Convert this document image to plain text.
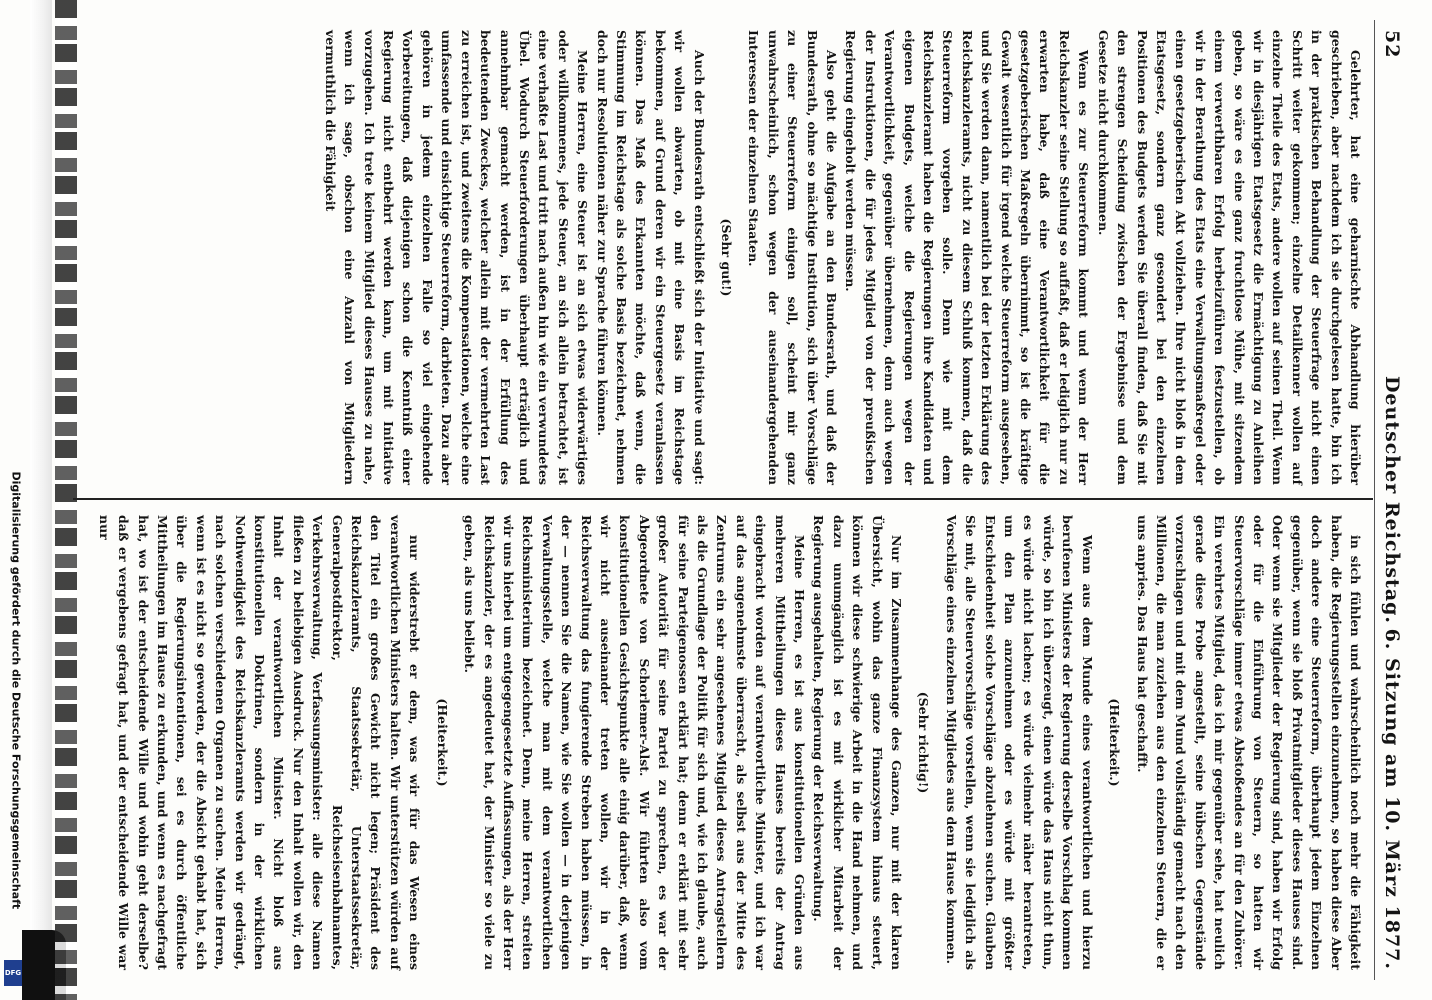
Digitalisierung gefördert durch die Deutsche Forschungsgemeinschaft
DFG
52
Deutscher Reichstag.
6. Sitzung am 10. März 1877.

Gelehrter, hat eine geharnischte Abhandlung hierüber geschrieben, aber nachdem ich sie durchgelesen hatte, bin ich in der praktischen Behandlung der Steuerfrage nicht einen Schritt weiter gekommen; einzelne Detailkenner wollen auf einzelne Theile des Etats, andere wollen auf seinen Theil. Wenn wir in diesjährigen Etatsgesetz die Ermächtigung zu Anleihen geben, so wäre es eine ganz fruchtlose Mühe, mit sitzendem einem verwerthbaren Erfolg herbeizuführen festzustellen, ob wir in der Berathung des Etats eine Verwaltungsmaßregel oder einen gesetzgeberischen Akt vollziehen. Ihre nicht bloß in dem Etatsgesetz, sondern ganz gesondert bei den einzelnen Positionen des Budgets werden Sie überall finden, daß Sie mit den strengen Scheidung zwischen der Ergebnisse und dem Gesetze nicht durchkommen.

Wenn es zur Steuerreform kommt und wenn der Herr Reichskanzler seine Stellung so auffaßt, daß er lediglich nur zu erwarten habe, daß eine Verantwortlichkeit für die gesetzgeberischen Maßregeln übernimmt, so ist die kräftige Gewalt wesentlich für irgend welche Steuerreform ausgesehen, und Sie werden dann, namentlich bei der letzten Erklärung des Reichskanzleramts, nicht zu diesem Schluß kommen, daß die Steuerreform vorgeben solle. Denn wie mit dem Reichskanzleramt haben die Regierungen ihre Kandidaten und eigenen Budgets, welche die Regierungen wegen der Verantwortlichkeit, gegenüber übernehmen, denn auch wegen der Instruktionen, die für jedes Mitglied von der preußischen Regierung eingeholt werden müssen.

Also geht die Aufgabe an den Bundesrath, und daß der Bundesrath, ohne so mächtige Institution, sich über Vorschläge zu einer Steuerreform einigen soll, scheint mir ganz unwahrscheinlich, schon wegen der auseinandergehenden Interessen der einzelnen Staaten.

(Sehr gut!)

Auch der Bundesrath entschließt sich der Initiative und sagt: wir wollen abwarten, ob mit eine Basis im Reichstage bekommen, auf Grund deren wir ein Steuergesetz veranlassen können. Das Maß des Erkannten möchte, daß wenn, die Stimmung im Reichstage als solche Basis bezeichnet, nehmen doch nur Resolutionen näher zur Sprache führen können.

Meine Herren, eine Steuer ist an sich etwas widerwärtiges oder willkommenes, jede Steuer, an sich allein betrachtet, ist eine verhaßte Last und tritt nach außen hin wie ein verwundetes Übel. Wodurch Steuerforderungen überhaupt erträglich und annehmbar gemacht werden, ist in der Erfüllung des bedeutenden Zweckes, welcher allein mit der vermehrten Last zu erreichen ist, und zweitens die Kompensationen, welche eine umfassende und einsichtige Steuerreform, darbieten. Dazu aber gehören in jedem einzelnen Falle so viel eingehende Vorbereitungen, daß diejenigen schon die Kenntniß einer Regierung nicht entbehrt werden kann, um mit Initiative vorzugehen. Ich trete keinem Mitglied dieses Hauses zu nahe, wenn ich sage, obschon eine Anzahl von Mitgliedern vermuthlich die Fähigkeit

in sich fühlen und wahrscheinlich noch mehr die Fähigkeit haben, die Regierungsstellen einzunehmen, so haben diese Aber doch andere eine Steuerreform, überhaupt jedem Einzelnen gegenüber, wenn sie bloß Privatmitglieder dieses Hauses sind. Oder wenn sie Mitglieder der Regierung sind, haben wir Erfolg oder für die Einführung von Steuern, so hatten wir Steuervorschläge immer etwas Abstoßendes an für den Zuhörer. Ein verehrtes Mitglied, das ich mir gegenüber sehe, hat neulich gerade diese Probe angestellt, seine hübschen Gegenstände vorzuschlagen und mit dem Mund vollständig gemacht nach den Millionen, die man zuziehen aus den einzelnen Steuern, die er uns anpries. Das Haus hat geschafft.

(Heiterkeit.)

Wenn aus dem Munde eines verantwortlichen und hierzu berufenen Ministers der Regierung derselbe Vorschlag kommen würde, so bin ich überzeugt, einen würde das Haus nicht thun, es würde nicht lachen; es würde vielmehr näher herantreten, um den Plan anzunehmen oder es würde mit größter Entschiedenheit solche Vorschläge abzulehnen suchen. Glauben Sie mit, alle Steuervorschläge vorstellen, wenn sie lediglich als Vorschläge eines einzelnen Mitgliedes aus dem Hause kommen.

(Sehr richtig!)

Nur im Zusammenhange des Ganzen, nur mit der klaren Übersicht, wohin das ganze Finanzsystem hinaus steuert, können wir diese schwierige Arbeit in die Hand nehmen, und dazu unumgänglich ist es mit wirklicher Mitarbeit der Regierung ausgehalten, Regierung der Reichsverwaltung.

Meine Herren, es ist aus konstitutionellen Gründen aus mehreren Mittheilungen dieses Hauses bereits der Antrag eingebracht worden auf verantwortliche Minister, und ich war auf das angenehmste überrascht, als selbst aus der Mitte des Zentrums ein sehr angesehenes Mitglied dieses Antragstellern als die Grundlage der Politik für sich und, wie ich glaube, auch für seine Parteigenossen erklärt hat; denn er erklärt mit sehr großer Autorität für seine Partei zu sprechen, es war der Abgeordnete von Schorlemer-Alst. Wir führten also vom konstitutionellen Gesichtspunkte alle einig darüber, daß, wenn wir nicht auseinander treten wollen, wir in der Reichsverwaltung das fungierende Streben haben müssen, in der — nennen Sie die Namen, wie Sie wollen — in derjenigen Verwaltungsstelle, welche man mit dem verantwortlichen Reichsministerium bezeichnet. Denn, meine Herren, streiten wir uns hierbei um entgegengesetzte Auffassungen, als der Herr Reichskanzler, der es angedeutet hat, der Minister so viele zu geben, als uns beliebt.

(Heiterkeit.)

nur widerstrebt er dem, was wir für das Wesen eines verantwortlichen Ministers halten. Wir unterstützen würden auf den Titel ein großes Gewicht nicht legen; Präsident des Reichskanzleramts, Staatssekretär, Unterstaatssekretär, Generalpostdirektor, Reichseisenbahnamtes, Verkehrsverwaltung, Verfassungsminister: alle diese Namen fließen zu beliebigen Ausdruck. Nur den Inhalt wollen wir, den Inhalt der verantwortlichen Minister. Nicht bloß aus konstitutionellen Doktrinen, sondern in der wirklichen Nothwendigkeit des Reichskanzleramts werden wir gedrängt, nach solchen verschiedenen Organen zu suchen. Meine Herren, wenn ist es nicht so geworden, der die Absicht gehabt hat, sich über die Regierungsintentionen, sei es durch öffentliche Mittheilungen im Hause zu erkunden, und wenn es nachgefragt hat, wo ist der entscheidende Wille und wohin geht derselbe? daß er vergebens gefragt hat, und der entscheidende Wille war nur
